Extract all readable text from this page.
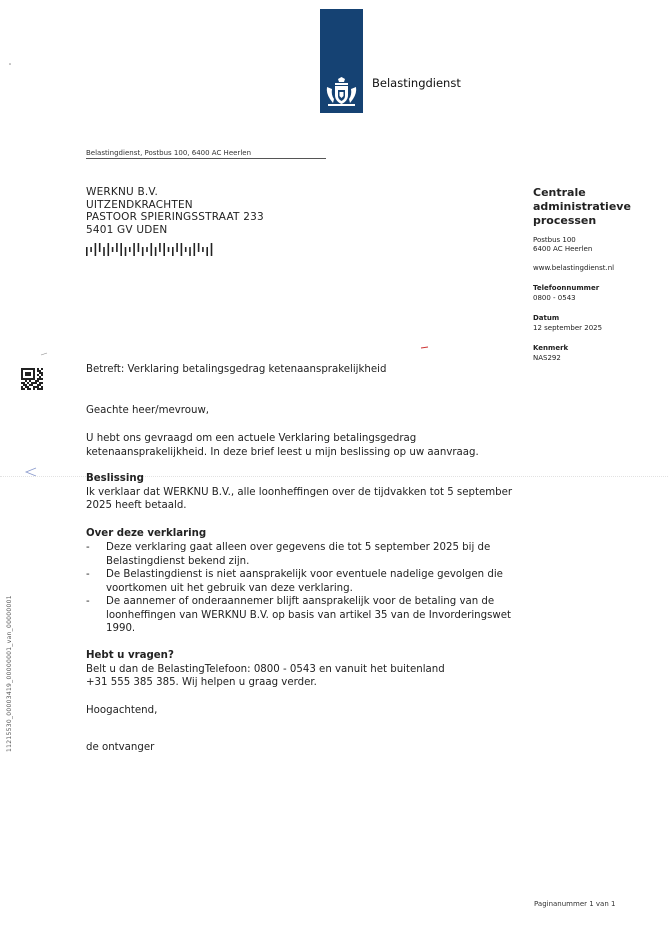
Belastingdienst
Belastingdienst, Postbus 100, 6400 AC Heerlen
WERKNU B.V.
UITZENDKRACHTEN
PASTOOR SPIERINGSSTRAAT 233
5401 GV UDEN
Centrale
administratieve
processen
Postbus 100
6400 AC Heerlen
www.belastingdienst.nl
Telefoonnummer
0800 - 0543
Datum
12 september 2025
Kenmerk
NAS292
Betreft: Verklaring betalingsgedrag ketenaansprakelijkheid
Geachte heer/mevrouw,
U hebt ons gevraagd om een actuele Verklaring betalingsgedrag
ketenaansprakelijkheid. In deze brief leest u mijn beslissing op uw aanvraag.
Beslissing
Ik verklaar dat WERKNU B.V., alle loonheffingen over de tijdvakken tot 5 september
2025 heeft betaald.
Over deze verklaring
- Deze verklaring gaat alleen over gegevens die tot 5 september 2025 bij de
Belastingdienst bekend zijn.
- De Belastingdienst is niet aansprakelijk voor eventuele nadelige gevolgen die
voortkomen uit het gebruik van deze verklaring.
- De aannemer of onderaannemer blijft aansprakelijk voor de betaling van de
loonheffingen van WERKNU B.V. op basis van artikel 35 van de Invorderingswet
1990.
Hebt u vragen?
Belt u dan de BelastingTelefoon: 0800 - 0543 en vanuit het buitenland
+31 555 385 385. Wij helpen u graag verder.
Hoogachtend,
de ontvanger
11215530_00003419_00000001_van_00000001
Paginanummer 1 van 1
